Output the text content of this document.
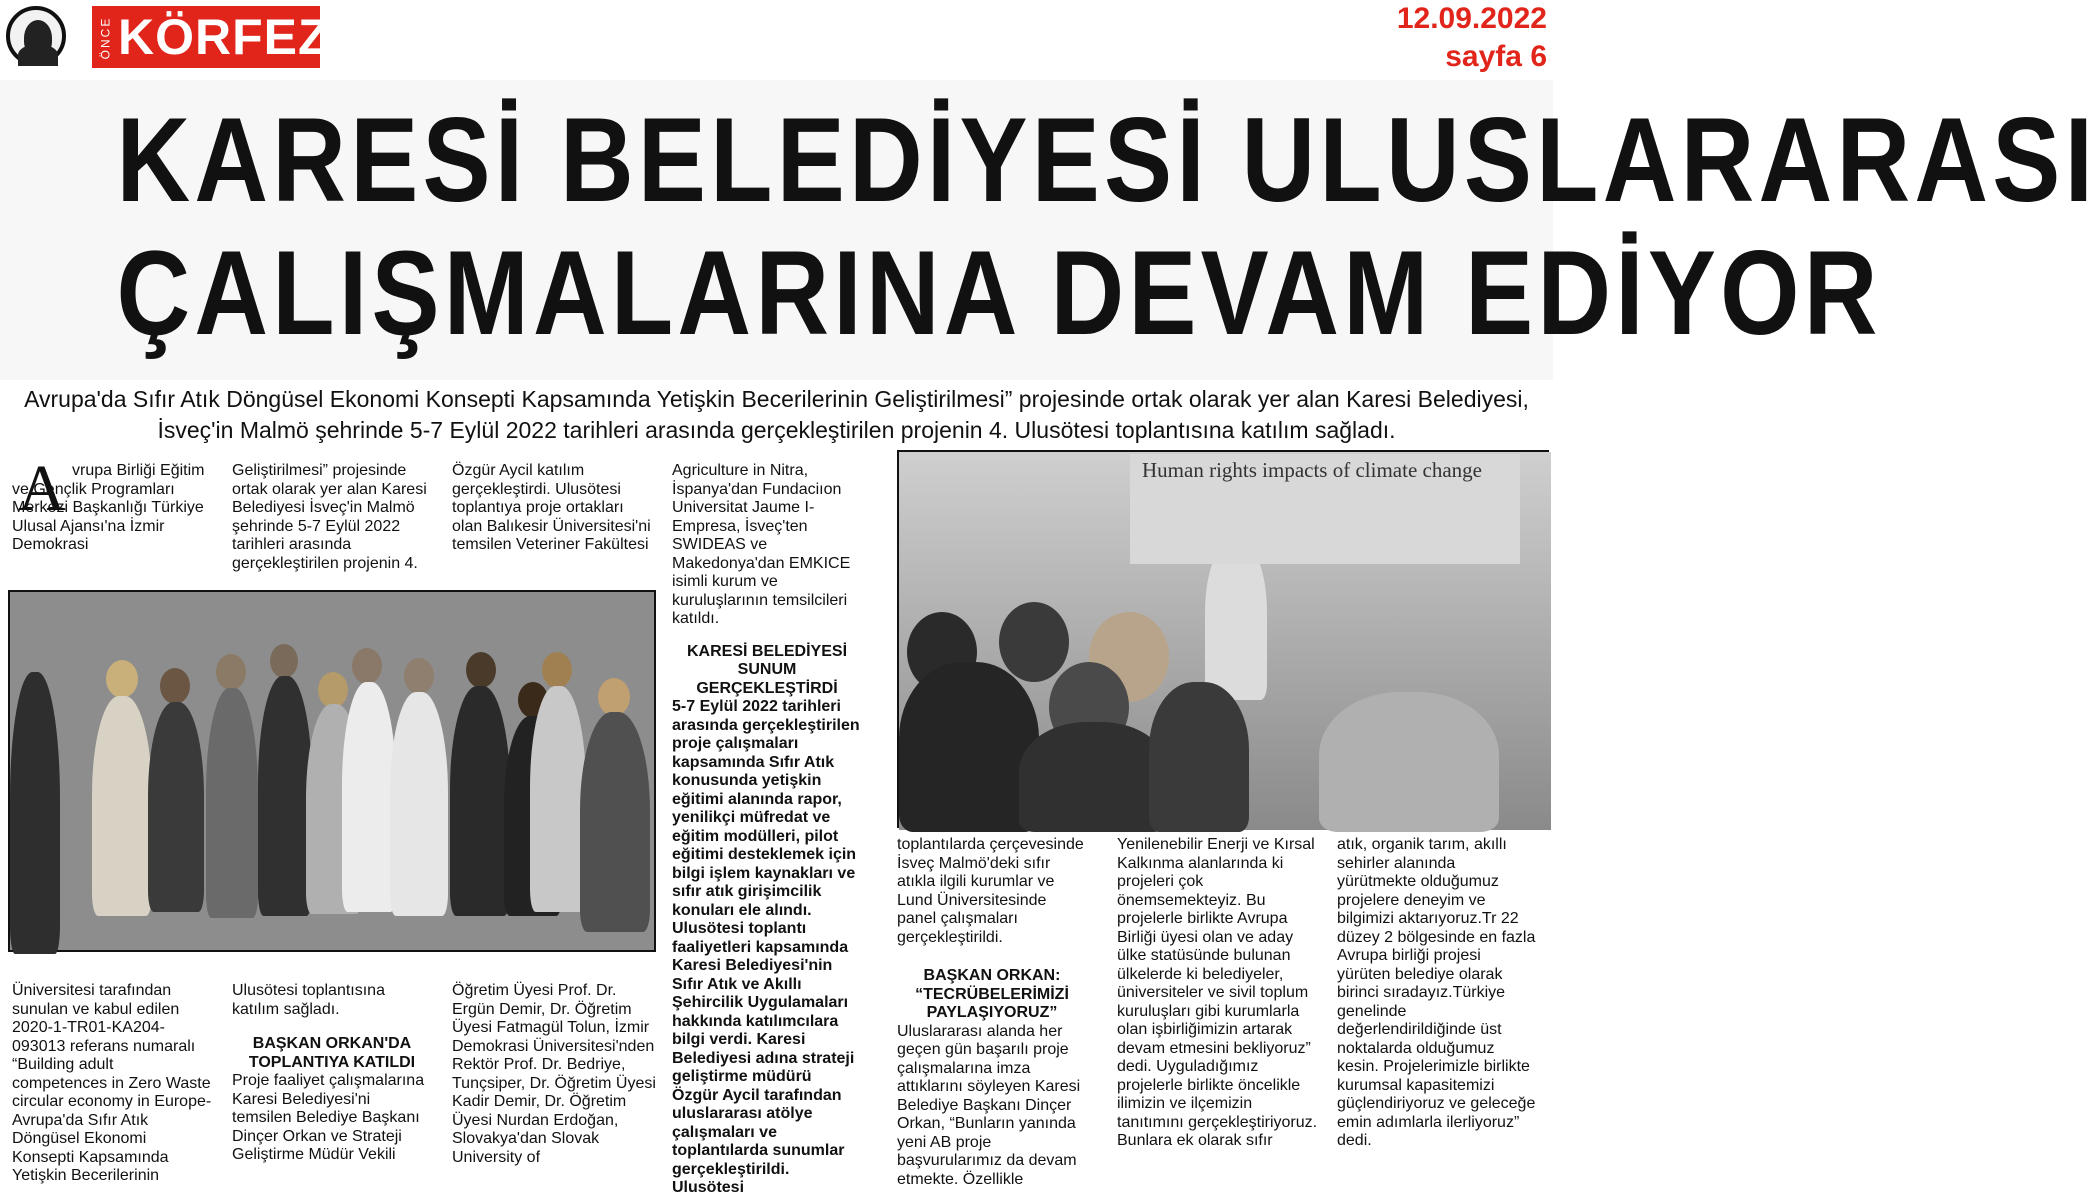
ÖNCE KÖRFEZ	12.09.2022
sayfa 6
KARESİ BELEDİYESİ ULUSLARARASI
ÇALIŞMALARINA DEVAM EDİYOR
Avrupa'da Sıfır Atık Döngüsel Ekonomi Konsepti Kapsamında Yetişkin Becerilerinin Geliştirilmesi” projesinde ortak olarak yer alan Karesi Belediyesi, İsveç'in Malmö şehrinde 5-7 Eylül 2022 tarihleri arasında gerçekleştirilen projenin 4. Ulusötesi toplantısına katılım sağladı.
A vrupa Birliği Eğitim ve Gençlik Programları Merkezi Başkanlığı Türkiye Ulusal Ajansı'na İzmir Demokrasi

Geliştirilmesi” projesinde ortak olarak yer alan Karesi Belediyesi İsveç'in Malmö şehrinde 5-7 Eylül 2022 tarihleri arasında gerçekleştirilen projenin 4.

Özgür Aycil katılım gerçekleştirdi. Ulusötesi toplantıya proje ortakları olan Balıkesir Üniversitesi'ni temsilen Veteriner Fakültesi

Agriculture in Nitra, İspanya'dan Fundaciıon Universitat Jaume I-Empresa, İsveç'ten SWIDEAS ve Makedonya'dan EMKICE isimli kurum ve kuruluşlarının temsilcileri katıldı.

KARESİ BELEDİYESİ SUNUM GERÇEKLEŞTİRDİ

5-7 Eylül 2022 tarihleri arasında gerçekleştirilen proje çalışmaları kapsamında Sıfır Atık konusunda yetişkin eğitimi alanında rapor, yenilikçi müfredat ve eğitim modülleri, pilot eğitimi desteklemek için bilgi işlem kaynakları ve sıfır atık girişimcilik konuları ele alındı. Ulusötesi toplantı faaliyetleri kapsamında Karesi Belediyesi'nin Sıfır Atık ve Akıllı Şehircilik Uygulamaları hakkında katılımcılara bilgi verdi. Karesi Belediyesi adına strateji geliştirme müdürü Özgür Aycil tarafından uluslararası atölye çalışmaları ve toplantılarda sunumlar gerçekleştirildi. Ulusötesi

Human rights impacts of climate change

toplantılarda çerçevesinde İsveç Malmö'deki sıfır atıkla ilgili kurumlar ve Lund Üniversitesinde panel çalışmaları gerçekleştirildi.

BAŞKAN ORKAN: “TECRÜBELERİMİZİ PAYLAŞIYORUZ”

Uluslararası alanda her geçen gün başarılı proje çalışmalarına imza attıklarını söyleyen Karesi Belediye Başkanı Dinçer Orkan, “Bunların yanında yeni AB proje başvurularımız da devam etmekte. Özellikle

Yenilenebilir Enerji ve Kırsal Kalkınma alanlarında ki projeleri çok önemsemekteyiz. Bu projelerle birlikte Avrupa Birliği üyesi olan ve aday ülke statüsünde bulunan ülkelerde ki belediyeler, üniversiteler ve sivil toplum kuruluşları gibi kurumlarla olan işbirliğimizin artarak devam etmesini bekliyoruz” dedi. Uyguladığımız projelerle birlikte öncelikle ilimizin ve ilçemizin tanıtımını gerçekleştiriyoruz. Bunlara ek olarak sıfır

atık, organik tarım, akıllı sehirler alanında yürütmekte olduğumuz projelere deneyim ve bilgimizi aktarıyoruz.Tr 22 düzey 2 bölgesinde en fazla Avrupa birliği projesi yürüten belediye olarak birinci sıradayız.Türkiye genelinde değerlendirildiğinde üst noktalarda olduğumuz kesin. Projelerimizle birlikte kurumsal kapasitemizi güçlendiriyoruz ve geleceğe emin adımlarla ilerliyoruz” dedi.

Üniversitesi tarafından sunulan ve kabul edilen 2020-1-TR01-KA204-093013 referans numaralı “Building adult competences in Zero Waste circular economy in Europe-Avrupa'da Sıfır Atık Döngüsel Ekonomi Konsepti Kapsamında Yetişkin Becerilerinin

Ulusötesi toplantısına katılım sağladı.

BAŞKAN ORKAN'DA TOPLANTIYA KATILDI

Proje faaliyet çalışmalarına Karesi Belediyesi'ni temsilen Belediye Başkanı Dinçer Orkan ve Strateji Geliştirme Müdür Vekili

Öğretim Üyesi Prof. Dr. Ergün Demir, Dr. Öğretim Üyesi Fatmagül Tolun, İzmir Demokrasi Üniversitesi'nden Rektör Prof. Dr. Bedriye, Tunçsiper, Dr. Öğretim Üyesi Kadir Demir, Dr. Öğretim Üyesi Nurdan Erdoğan, Slovakya'dan Slovak University of
